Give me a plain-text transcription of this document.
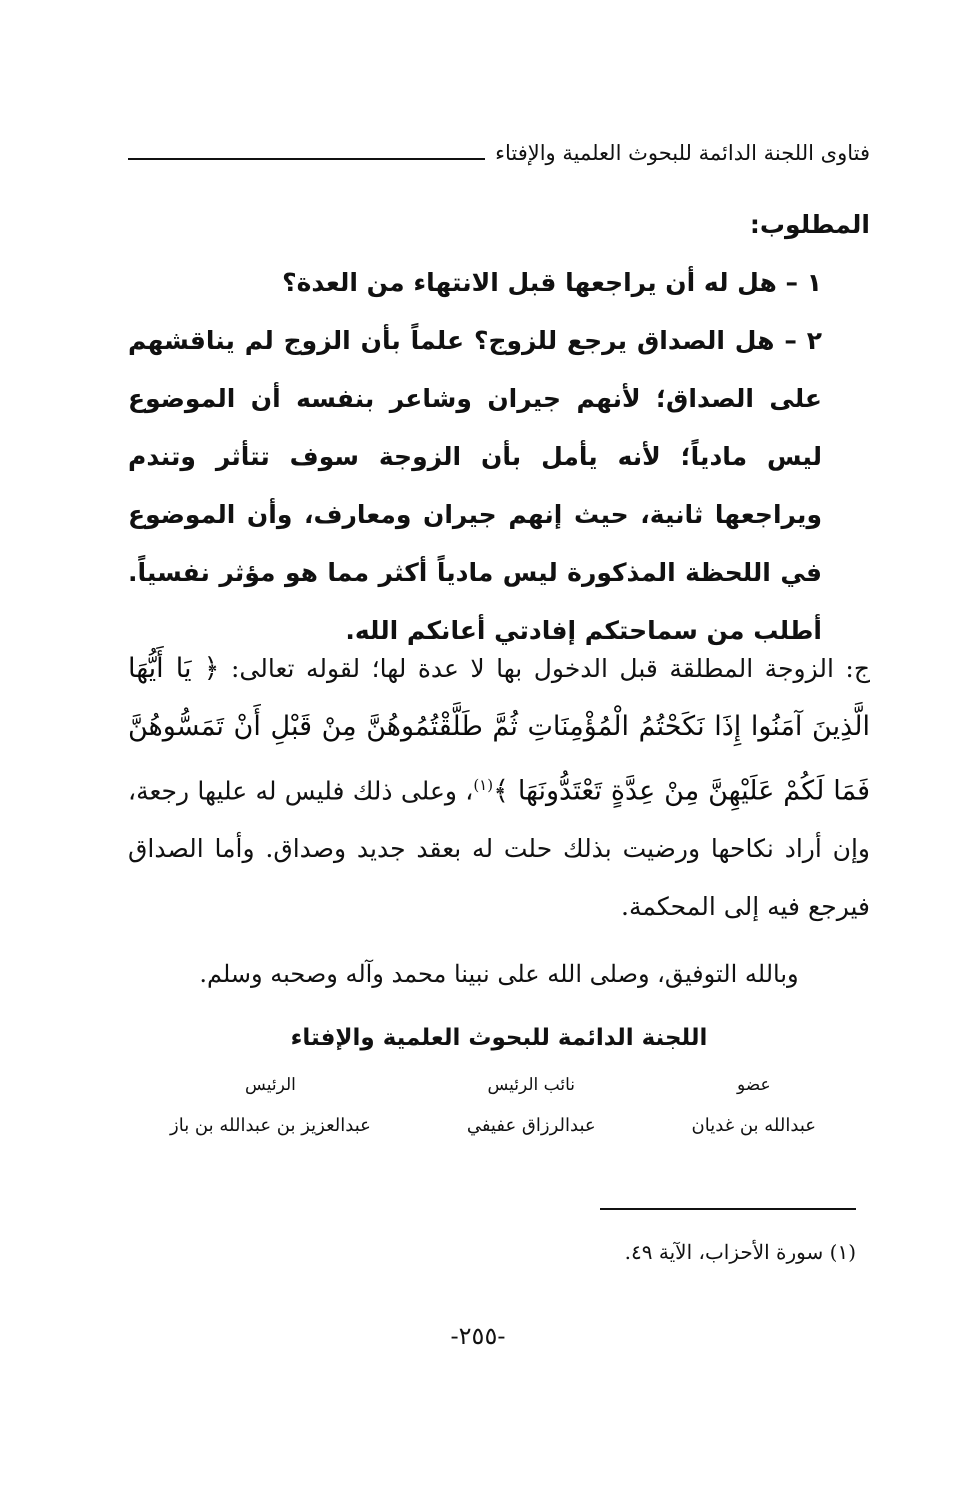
فتاوى اللجنة الدائمة للبحوث العلمية والإفتاء

المطلوب:

١ – هل له أن يراجعها قبل الانتهاء من العدة؟

٢ – هل الصداق يرجع للزوج؟ علماً بأن الزوج لم يناقشهم على الصداق؛ لأنهم جيران وشاعر بنفسه أن الموضوع ليس مادياً؛ لأنه يأمل بأن الزوجة سوف تتأثر وتندم ويراجعها ثانية، حيث إنهم جيران ومعارف، وأن الموضوع في اللحظة المذكورة ليس مادياً أكثر مما هو مؤثر نفسياً. أطلب من سماحتكم إفادتي أعانكم الله.

ج: الزوجة المطلقة قبل الدخول بها لا عدة لها؛ لقوله تعالى: ﴿ يَا أَيُّهَا الَّذِينَ آمَنُوا إِذَا نَكَحْتُمُ الْمُؤْمِنَاتِ ثُمَّ طَلَّقْتُمُوهُنَّ مِنْ قَبْلِ أَنْ تَمَسُّوهُنَّ فَمَا لَكُمْ عَلَيْهِنَّ مِنْ عِدَّةٍ تَعْتَدُّونَهَا ﴾$^{(١)}$، وعلى ذلك فليس له عليها رجعة، وإن أراد نكاحها ورضيت بذلك حلت له بعقد جديد وصداق. وأما الصداق فيرجع فيه إلى المحكمة.

وبالله التوفيق، وصلى الله على نبينا محمد وآله وصحبه وسلم.
اللجنة الدائمة للبحوث العلمية والإفتاء
عضو
عبدالله بن غديان
نائب الرئيس
عبدالرزاق عفيفي
الرئيس
عبدالعزيز بن عبدالله بن باز
(١) سورة الأحزاب، الآية ٤٩.
-٢٥٥-
